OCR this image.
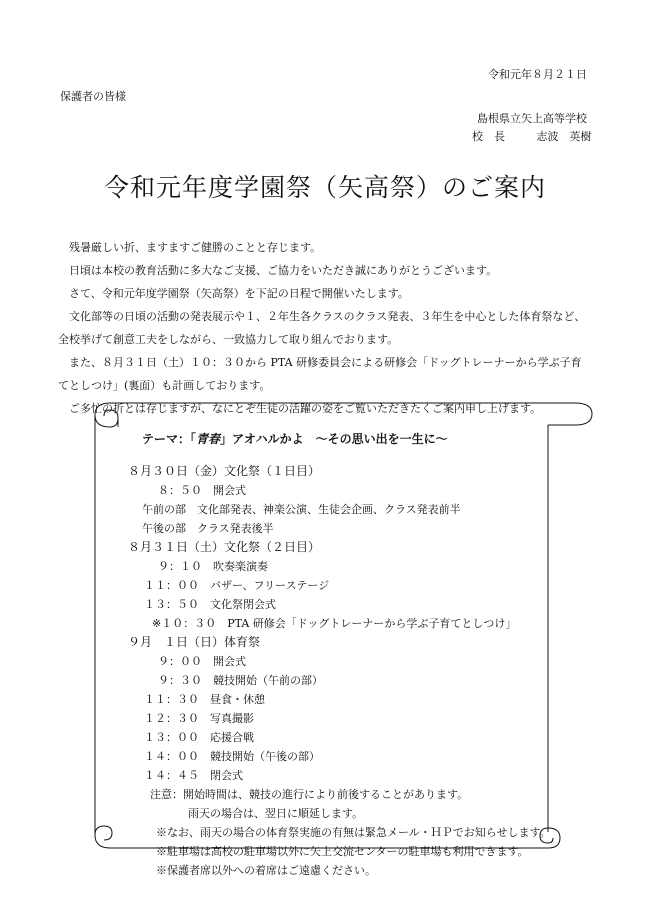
令和元年８月２１日
保護者の皆様
島根県立矢上高等学校
校　長	志波　英樹
令和元年度学園祭（矢高祭）のご案内
残暑厳しい折、ますますご健勝のことと存じます。
日頃は本校の教育活動に多大なご支援、ご協力をいただき誠にありがとうございます。
さて、令和元年度学園祭（矢高祭）を下記の日程で開催いたします。
文化部等の日頃の活動の発表展示や１、２年生各クラスのクラス発表、３年生を中心とした体育祭など、全校挙げて創意工夫をしながら、一致協力して取り組んでおります。
また、８月３１日（土）１０：３０から PTA 研修委員会による研修会「ドッグトレーナーから学ぶ子育てとしつけ」(裏面）も計画しております。
ご多忙の折とは存じますが、なにとぞ生徒の活躍の姿をご覧いただきたくご案内申し上げます。
テーマ：「青春」アオハルかよ　～その思い出を一生に～
８月３０日（金）文化祭（１日目）
８：５０　開会式
午前の部　文化部発表、神楽公演、生徒会企画、クラス発表前半
午後の部　クラス発表後半
８月３１日（土）文化祭（２日目）
９：１０　吹奏楽演奏
１１：００　バザー、フリーステージ
１３：５０　文化祭閉会式
※１０：３０　PTA 研修会「ドッグトレーナーから学ぶ子育てとしつけ」
９月　１日（日）体育祭
９：００　開会式
９：３０　競技開始（午前の部）
１１：３０　昼食・休憩
１２：３０　写真撮影
１３：００　応援合戦
１４：００　競技開始（午後の部）
１４：４５　閉会式
注意：開始時間は、競技の進行により前後することがあります。
雨天の場合は、翌日に順延します。
※なお、雨天の場合の体育祭実施の有無は緊急メール・ＨＰでお知らせします。
※駐車場は高校の駐車場以外に矢上交流センターの駐車場も利用できます。
※保護者席以外への着席はご遠慮ください。
